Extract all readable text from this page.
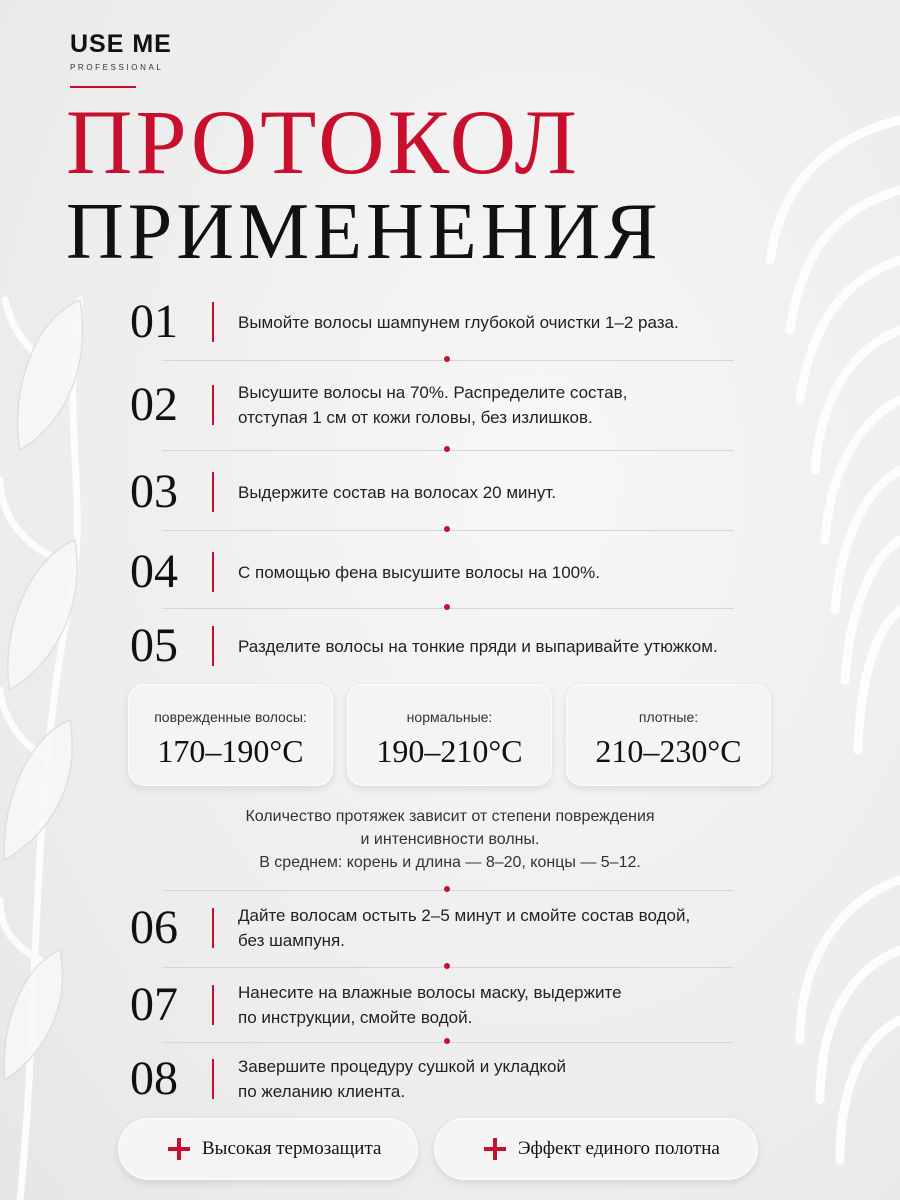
USE ME
PROFESSIONAL
ПРОТОКОЛ
ПРИМЕНЕНИЯ
01	Вымойте волосы шампунем глубокой очистки 1–2 раза.
02	Высушите волосы на 70%. Распределите состав,
отступая 1 см от кожи головы, без излишков.
03	Выдержите состав на волосах 20 минут.
04	С помощью фена высушите волосы на 100%.
05	Разделите волосы на тонкие пряди и выпаривайте утюжком.
поврежденные волосы:
170–190°C
нормальные:
190–210°C
плотные:
210–230°C
Количество протяжек зависит от степени повреждения
и интенсивности волны.
В среднем: корень и длина — 8–20, концы — 5–12.
06	Дайте волосам остыть 2–5 минут и смойте состав водой,
без шампуня.
07	Нанесите на влажные волосы маску, выдержите
по инструкции, смойте водой.
08	Завершите процедуру сушкой и укладкой
по желанию клиента.
Высокая термозащита	Эффект единого полотна
